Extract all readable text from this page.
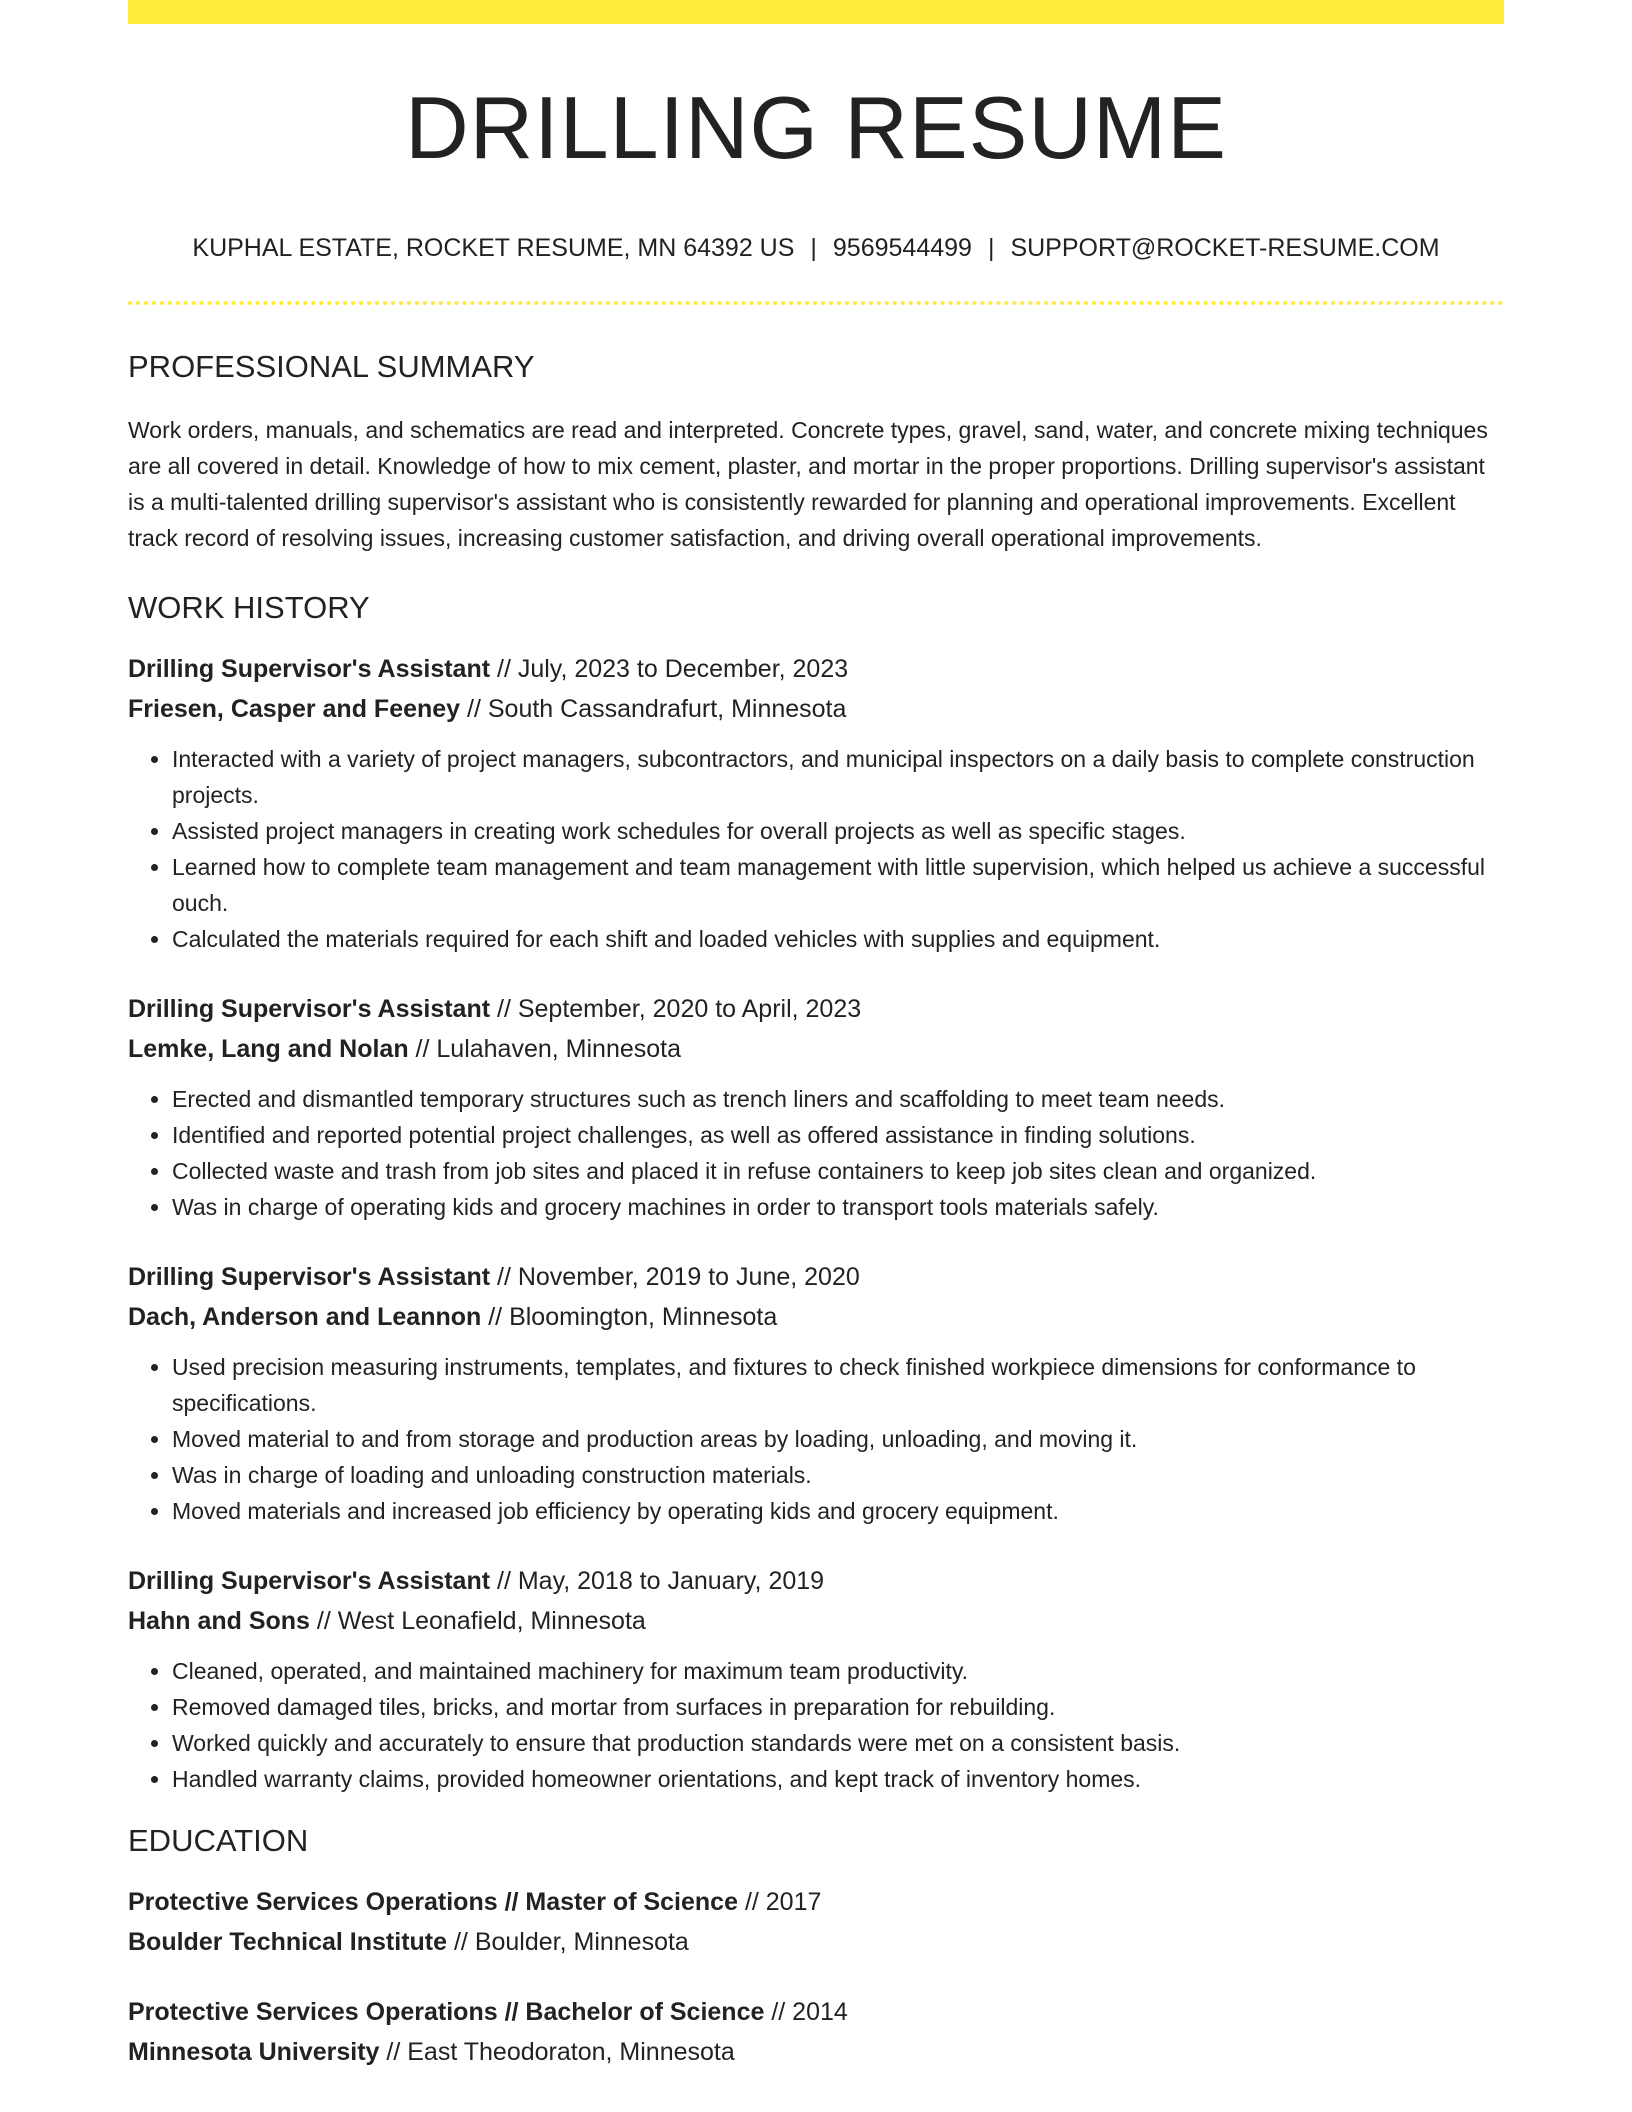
DRILLING RESUME
KUPHAL ESTATE, ROCKET RESUME, MN 64392 US | 9569544499 | SUPPORT@ROCKET-RESUME.COM
PROFESSIONAL SUMMARY

Work orders, manuals, and schematics are read and interpreted. Concrete types, gravel, sand, water, and concrete mixing techniques are all covered in detail. Knowledge of how to mix cement, plaster, and mortar in the proper proportions. Drilling supervisor's assistant is a multi-talented drilling supervisor's assistant who is consistently rewarded for planning and operational improvements. Excellent track record of resolving issues, increasing customer satisfaction, and driving overall operational improvements.

WORK HISTORY
Drilling Supervisor's Assistant // July, 2023 to December, 2023
Friesen, Casper and Feeney // South Cassandrafurt, Minnesota
• Interacted with a variety of project managers, subcontractors, and municipal inspectors on a daily basis to complete construction projects.
• Assisted project managers in creating work schedules for overall projects as well as specific stages.
• Learned how to complete team management and team management with little supervision, which helped us achieve a successful ouch.
• Calculated the materials required for each shift and loaded vehicles with supplies and equipment.
Drilling Supervisor's Assistant // September, 2020 to April, 2023
Lemke, Lang and Nolan // Lulahaven, Minnesota
• Erected and dismantled temporary structures such as trench liners and scaffolding to meet team needs.
• Identified and reported potential project challenges, as well as offered assistance in finding solutions.
• Collected waste and trash from job sites and placed it in refuse containers to keep job sites clean and organized.
• Was in charge of operating kids and grocery machines in order to transport tools materials safely.
Drilling Supervisor's Assistant // November, 2019 to June, 2020
Dach, Anderson and Leannon // Bloomington, Minnesota
• Used precision measuring instruments, templates, and fixtures to check finished workpiece dimensions for conformance to specifications.
• Moved material to and from storage and production areas by loading, unloading, and moving it.
• Was in charge of loading and unloading construction materials.
• Moved materials and increased job efficiency by operating kids and grocery equipment.
Drilling Supervisor's Assistant // May, 2018 to January, 2019
Hahn and Sons // West Leonafield, Minnesota
• Cleaned, operated, and maintained machinery for maximum team productivity.
• Removed damaged tiles, bricks, and mortar from surfaces in preparation for rebuilding.
• Worked quickly and accurately to ensure that production standards were met on a consistent basis.
• Handled warranty claims, provided homeowner orientations, and kept track of inventory homes.
EDUCATION
Protective Services Operations // Master of Science // 2017
Boulder Technical Institute // Boulder, Minnesota
Protective Services Operations // Bachelor of Science // 2014
Minnesota University // East Theodoraton, Minnesota
